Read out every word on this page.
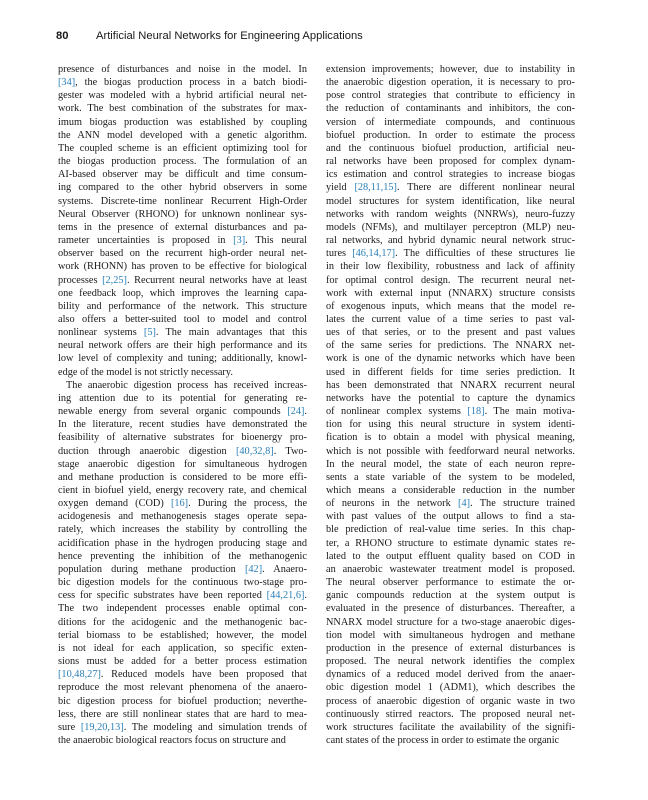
80 Artificial Neural Networks for Engineering Applications
presence of disturbances and noise in the model. In
[34], the biogas production process in a batch biodi-
gester was modeled with a hybrid artificial neural net-
work. The best combination of the substrates for max-
imum biogas production was established by coupling
the ANN model developed with a genetic algorithm.
The coupled scheme is an efficient optimizing tool for
the biogas production process. The formulation of an
AI-based observer may be difficult and time consum-
ing compared to the other hybrid observers in some
systems. Discrete-time nonlinear Recurrent High-Order
Neural Observer (RHONO) for unknown nonlinear sys-
tems in the presence of external disturbances and pa-
rameter uncertainties is proposed in [3]. This neural
observer based on the recurrent high-order neural net-
work (RHONN) has proven to be effective for biological
processes [2,25]. Recurrent neural networks have at least
one feedback loop, which improves the learning capa-
bility and performance of the network. This structure
also offers a better-suited tool to model and control
nonlinear systems [5]. The main advantages that this
neural network offers are their high performance and its
low level of complexity and tuning; additionally, knowl-
edge of the model is not strictly necessary.
The anaerobic digestion process has received increas-
ing attention due to its potential for generating re-
newable energy from several organic compounds [24].
In the literature, recent studies have demonstrated the
feasibility of alternative substrates for bioenergy pro-
duction through anaerobic digestion [40,32,8]. Two-
stage anaerobic digestion for simultaneous hydrogen
and methane production is considered to be more effi-
cient in biofuel yield, energy recovery rate, and chemical
oxygen demand (COD) [16]. During the process, the
acidogenesis and methanogenesis stages operate sepa-
rately, which increases the stability by controlling the
acidification phase in the hydrogen producing stage and
hence preventing the inhibition of the methanogenic
population during methane production [42]. Anaero-
bic digestion models for the continuous two-stage pro-
cess for specific substrates have been reported [44,21,6].
The two independent processes enable optimal con-
ditions for the acidogenic and the methanogenic bac-
terial biomass to be established; however, the model
is not ideal for each application, so specific exten-
sions must be added for a better process estimation
[10,48,27]. Reduced models have been proposed that
reproduce the most relevant phenomena of the anaero-
bic digestion process for biofuel production; neverthe-
less, there are still nonlinear states that are hard to mea-
sure [19,20,13]. The modeling and simulation trends of
the anaerobic biological reactors focus on structure and
extension improvements; however, due to instability in
the anaerobic digestion operation, it is necessary to pro-
pose control strategies that contribute to efficiency in
the reduction of contaminants and inhibitors, the con-
version of intermediate compounds, and continuous
biofuel production. In order to estimate the process
and the continuous biofuel production, artificial neu-
ral networks have been proposed for complex dynam-
ics estimation and control strategies to increase biogas
yield [28,11,15]. There are different nonlinear neural
model structures for system identification, like neural
networks with random weights (NNRWs), neuro-fuzzy
models (NFMs), and multilayer perceptron (MLP) neu-
ral networks, and hybrid dynamic neural network struc-
tures [46,14,17]. The difficulties of these structures lie
in their low flexibility, robustness and lack of affinity
for optimal control design. The recurrent neural net-
work with external input (NNARX) structure consists
of exogenous inputs, which means that the model re-
lates the current value of a time series to past val-
ues of that series, or to the present and past values
of the same series for predictions. The NNARX net-
work is one of the dynamic networks which have been
used in different fields for time series prediction. It
has been demonstrated that NNARX recurrent neural
networks have the potential to capture the dynamics
of nonlinear complex systems [18]. The main motiva-
tion for using this neural structure in system identi-
fication is to obtain a model with physical meaning,
which is not possible with feedforward neural networks.
In the neural model, the state of each neuron repre-
sents a state variable of the system to be modeled,
which means a considerable reduction in the number
of neurons in the network [4]. The structure trained
with past values of the output allows to find a sta-
ble prediction of real-value time series. In this chap-
ter, a RHONO structure to estimate dynamic states re-
lated to the output effluent quality based on COD in
an anaerobic wastewater treatment model is proposed.
The neural observer performance to estimate the or-
ganic compounds reduction at the system output is
evaluated in the presence of disturbances. Thereafter, a
NNARX model structure for a two-stage anaerobic diges-
tion model with simultaneous hydrogen and methane
production in the presence of external disturbances is
proposed. The neural network identifies the complex
dynamics of a reduced model derived from the anaer-
obic digestion model 1 (ADM1), which describes the
process of anaerobic digestion of organic waste in two
continuously stirred reactors. The proposed neural net-
work structures facilitate the availability of the signifi-
cant states of the process in order to estimate the organic
